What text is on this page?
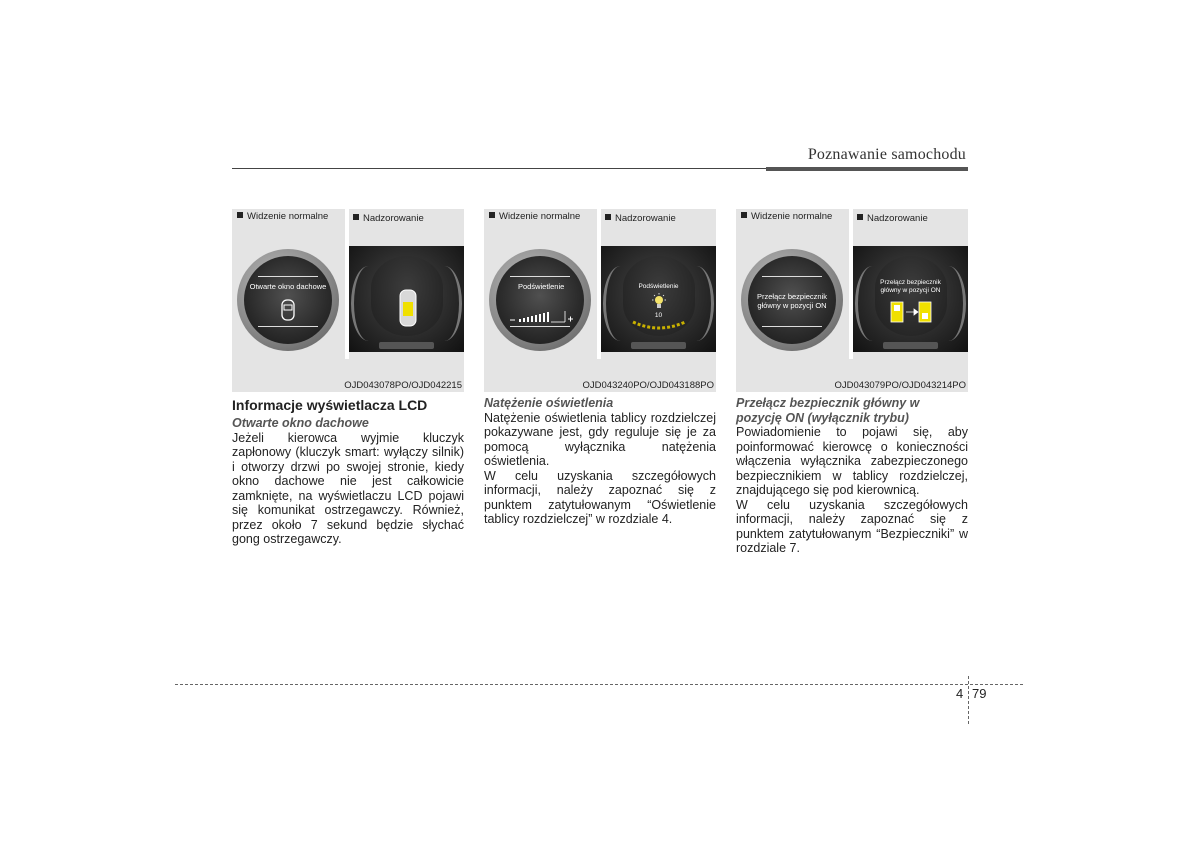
Poznawanie samochodu
Widzenie normalne	Nadzorowanie
Otwarte okno dachowe
OJD043078PO/OJD042215
Widzenie normalne	Nadzorowanie
Podświetlenie	Podświetlenie
10
OJD043240PO/OJD043188PO
Widzenie normalne	Nadzorowanie
Przełącz bezpiecznik główny w pozycji ON
Przełącz bezpiecznik główny w pozycji ON
OJD043079PO/OJD043214PO
Informacje wyświetlacza LCD
Otwarte okno dachowe

Jeżeli kierowca wyjmie kluczyk zapłonowy (kluczyk smart: wyłączy silnik) i otworzy drzwi po swojej stronie, kiedy okno dachowe nie jest całkowicie zamknięte, na wyświetlaczu LCD pojawi się komunikat ostrzegawczy. Również, przez około 7 sekund będzie słychać gong ostrzegawczy.

Natężenie oświetlenia

Natężenie oświetlenia tablicy rozdzielczej pokazywane jest, gdy reguluje się je za pomocą wyłącznika natężenia oświetlenia.

W celu uzyskania szczegółowych informacji, należy zapoznać się z punktem zatytułowanym “Oświetlenie tablicy rozdzielczej” w rozdziale 4.

Przełącz bezpiecznik główny w pozycję ON (wyłącznik trybu)

Powiadomienie to pojawi się, aby poinformować kierowcę o konieczności włączenia wyłącznika zabezpieczonego bezpiecznikiem w tablicy rozdzielczej, znajdującego się pod kierownicą.

W celu uzyskania szczegółowych informacji, należy zapoznać się z punktem zatytułowanym “Bezpieczniki” w rozdziale 7.

4 79
